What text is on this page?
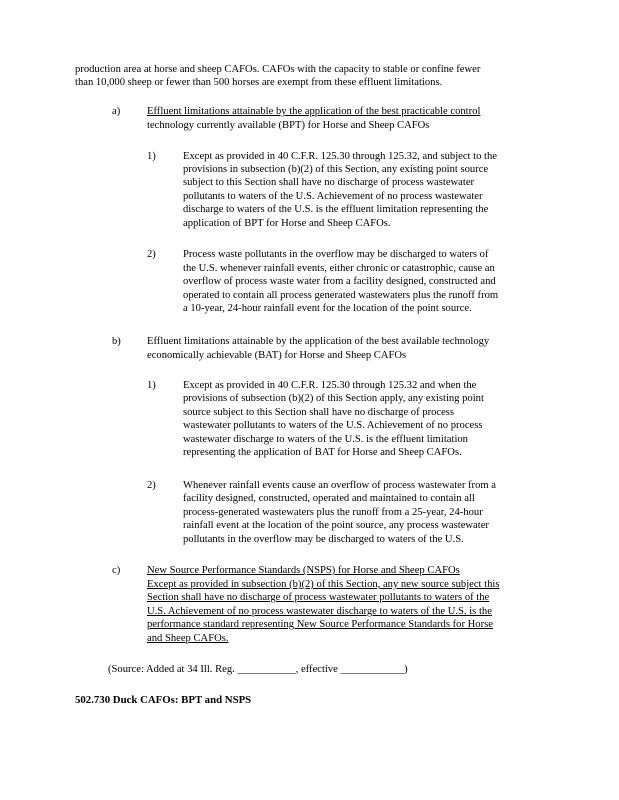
production area at horse and sheep CAFOs. CAFOs with the capacity to stable or confine fewer
than 10,000 sheep or fewer than 500 horses are exempt from these effluent limitations.
a)	Effluent limitations attainable by the application of the best practicable control
technology currently available (BPT) for Horse and Sheep CAFOs
1)	Except as provided in 40 C.F.R. 125.30 through 125.32, and subject to the
provisions in subsection (b)(2) of this Section, any existing point source
subject to this Section shall have no discharge of process wastewater
pollutants to waters of the U.S. Achievement of no process wastewater
discharge to waters of the U.S. is the effluent limitation representing the
application of BPT for Horse and Sheep CAFOs.
2)	Process waste pollutants in the overflow may be discharged to waters of
the U.S. whenever rainfall events, either chronic or catastrophic, cause an
overflow of process waste water from a facility designed, constructed and
operated to contain all process generated wastewaters plus the runoff from
a 10-year, 24-hour rainfall event for the location of the point source.
b) Effluent limitations attainable by the application of the best available technology
economically achievable (BAT) for Horse and Sheep CAFOs
1)	Except as provided in 40 C.F.R. 125.30 through 125.32 and when the
provisions of subsection (b)(2) of this Section apply, any existing point
source subject to this Section shall have no discharge of process
wastewater pollutants to waters of the U.S. Achievement of no process
wastewater discharge to waters of the U.S. is the effluent limitation
representing the application of BAT for Horse and Sheep CAFOs.
2)	Whenever rainfall events cause an overflow of process wastewater from a
facility designed, constructed, operated and maintained to contain all
process-generated wastewaters plus the runoff from a 25-year, 24-hour
rainfall event at the location of the point source, any process wastewater
pollutants in the overflow may be discharged to waters of the U.S.
c)	New Source Performance Standards (NSPS) for Horse and Sheep CAFOs
Except as provided in subsection (b)(2) of this Section, any new source subject this
Section shall have no discharge of process wastewater pollutants to waters of the
U.S. Achievement of no process wastewater discharge to waters of the U.S. is the
performance standard representing New Source Performance Standards for Horse
and Sheep CAFOs.
(Source: Added at 34 Ill. Reg. ___________, effective ____________)
502.730 Duck CAFOs: BPT and NSPS
